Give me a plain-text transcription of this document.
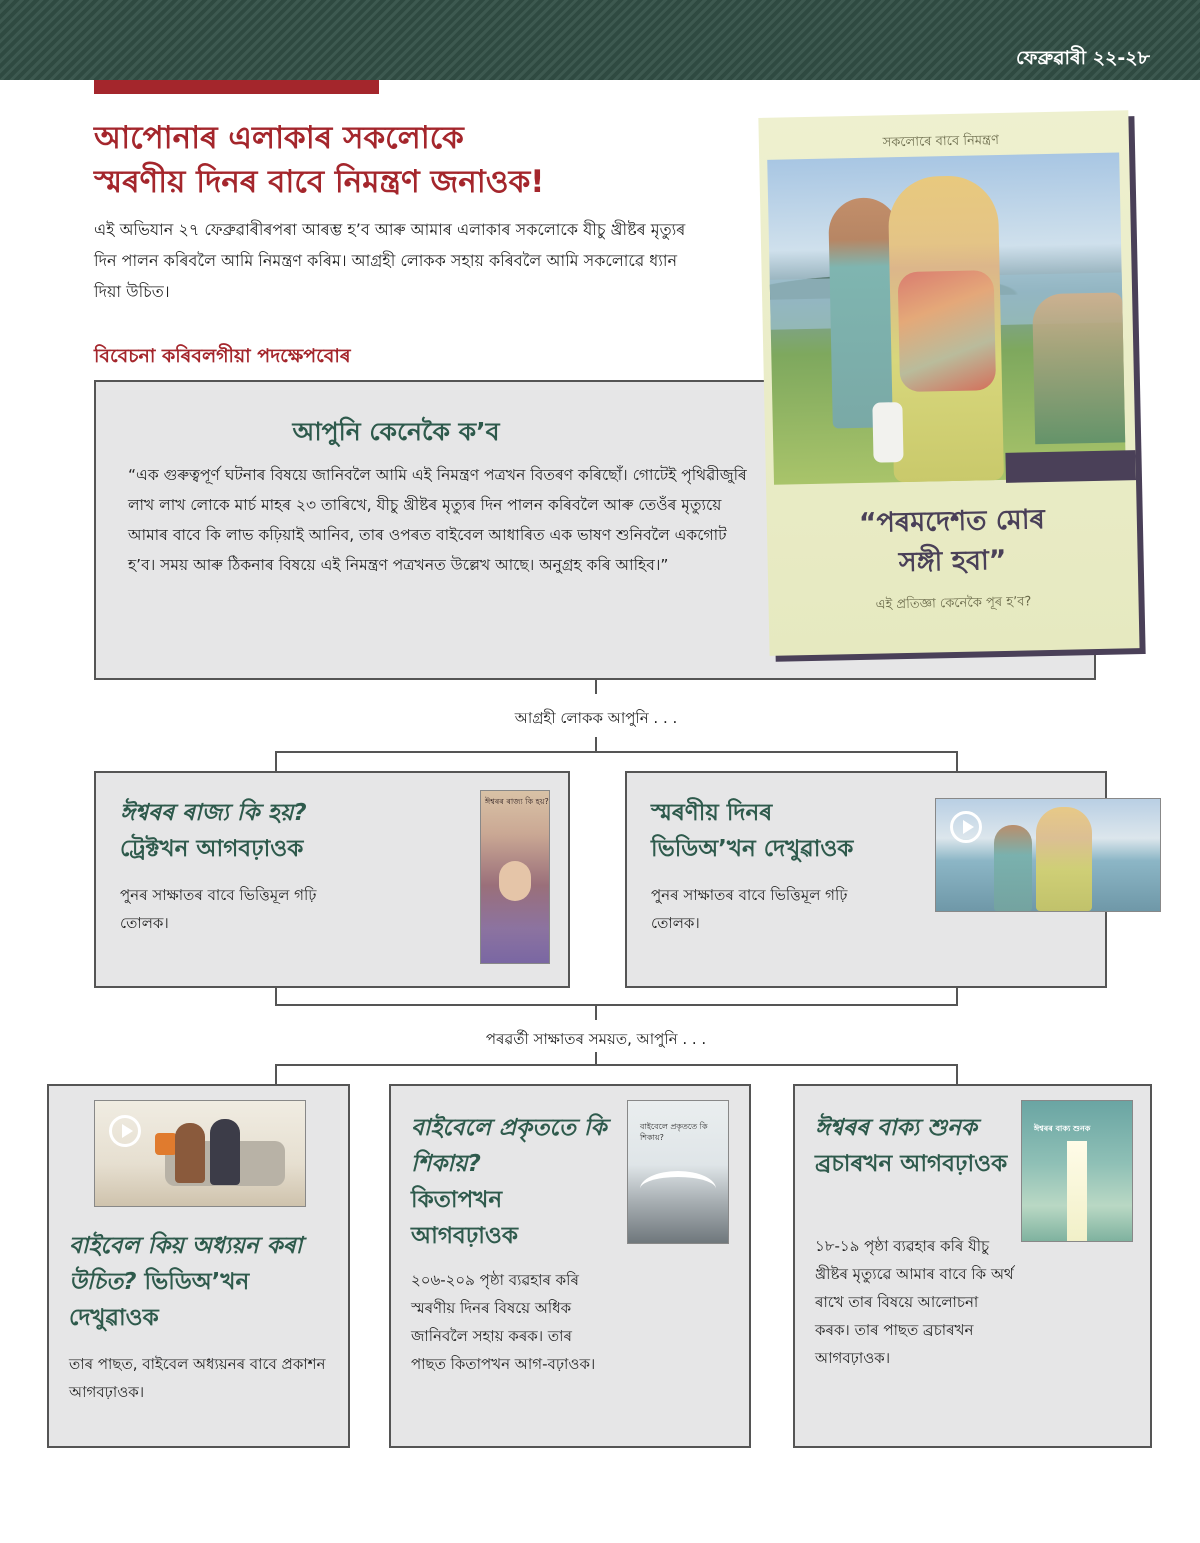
ফেব্ৰুৱাৰী ২২-২৮
আপোনাৰ এলাকাৰ সকলোকে
স্মৰণীয় দিনৰ বাবে নিমন্ত্ৰণ জনাওক!

এই অভিযান ২৭ ফেব্ৰুৱাৰীৰপৰা আৰম্ভ হ’ব আৰু আমাৰ এলাকাৰ সকলোকে যীচু খ্ৰীষ্টৰ মৃত্যুৰ দিন পালন কৰিবলৈ আমি নিমন্ত্ৰণ কৰিম। আগ্ৰহী লোকক সহায় কৰিবলৈ আমি সকলোৱে ধ্যান দিয়া উচিত।

বিবেচনা কৰিবলগীয়া পদক্ষেপবোৰ
আপুনি কেনেকৈ ক’ব

“এক গুৰুত্বপূৰ্ণ ঘটনাৰ বিষয়ে জানিবলৈ আমি এই নিমন্ত্ৰণ পত্ৰখন বিতৰণ কৰিছোঁ। গোটেই পৃথিৱীজুৰি লাখ লাখ লোকে মাৰ্চ মাহৰ ২৩ তাৰিখে, যীচু খ্ৰীষ্টৰ মৃত্যুৰ দিন পালন কৰিবলৈ আৰু তেওঁৰ মৃত্যুয়ে আমাৰ বাবে কি লাভ কঢ়িয়াই আনিব, তাৰ ওপৰত বাইবেল আধাৰিত এক ভাষণ শুনিবলৈ একগোট হ’ব। সময় আৰু ঠিকনাৰ বিষয়ে এই নিমন্ত্ৰণ পত্ৰখনত উল্লেখ আছে। অনুগ্ৰহ কৰি আহিব।”

সকলোৰে বাবে নিমন্ত্ৰণ
“পৰমদেশত মোৰ
সঙ্গী হবা”
এই প্ৰতিজ্ঞা কেনেকৈ পূৰ হ’ব?
আগ্ৰহী লোকক আপুনি . . .
ঈশ্বৰৰ ৰাজ্য কি হয়?
ট্ৰেক্টখন আগবঢ়াওক

পুনৰ সাক্ষাতৰ বাবে ভিত্তিমূল গঢ়ি তোলক।

ঈশ্বৰৰ ৰাজ্য কি হয়?	স্মৰণীয় দিনৰ
ভিডিঅ’খন দেখুৱাওক

পুনৰ সাক্ষাতৰ বাবে ভিত্তিমূল গঢ়ি তোলক।

পৰৱৰ্তী সাক্ষাতৰ সময়ত, আপুনি . . .
বাইবেল কিয় অধ্যয়ন কৰা উচিত? ভিডিঅ’খন দেখুৱাওক

তাৰ পাছত, বাইবেল অধ্যয়নৰ বাবে প্ৰকাশন আগবঢ়াওক।

বাইবেলে প্ৰকৃততে কি শিকায়?
কিতাপখন আগবঢ়াওক

২০৬-২০৯ পৃষ্ঠা ব্যৱহাৰ কৰি স্মৰণীয় দিনৰ বিষয়ে অধিক জানিবলৈ সহায় কৰক। তাৰ পাছত কিতাপখন আগ-বঢ়াওক।

বাইবেলে প্ৰকৃততে কি শিকায়?	ঈশ্বৰৰ বাক্য শুনক
ব্ৰচাৰখন আগবঢ়াওক

১৮-১৯ পৃষ্ঠা ব্যৱহাৰ কৰি যীচু খ্ৰীষ্টৰ মৃত্যুৱে আমাৰ বাবে কি অৰ্থ ৰাখে তাৰ বিষয়ে আলোচনা কৰক। তাৰ পাছত ব্ৰচাৰখন আগবঢ়াওক।

ঈশ্বৰৰ বাক্য শুনক
